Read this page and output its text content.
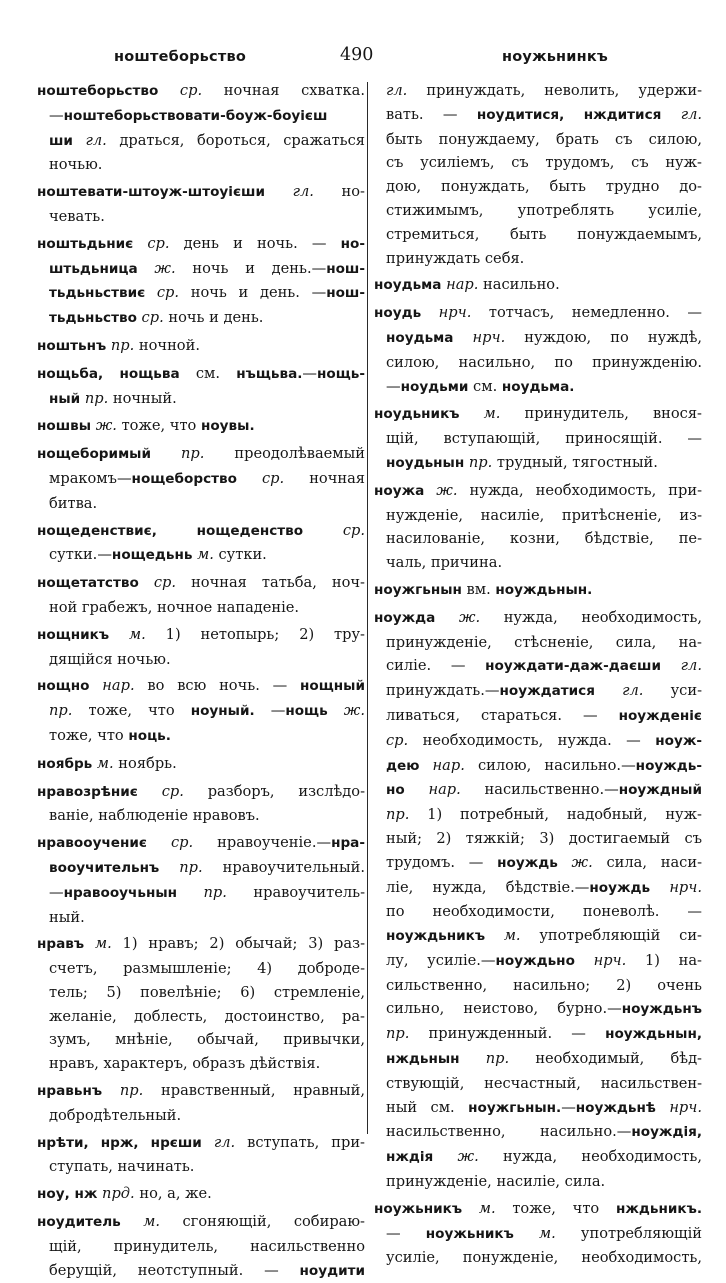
ноштеборьство	490	ноужьнинкъ
ноштеборьство ср. ночная схватка.
—ноштеборьствовати-боуж-боуієш
ши гл. драться, бороться, сражаться
ночью.
ноштевати-штоуж-штоуієши гл. но-
чевать.
ноштьдьниє ср. день и ночь. — но-
штьдьница ж. ночь и день.—нош-
тьдьньствиє ср. ночь и день. —нош-
тьдьньство ср. ночь и день.
ноштьнъ пр. ночной.
нощьба, нощьва см. нъщьва.—нощь-
ный пр. ночный.
ношвы ж. тоже, что ноувы.
нощеборимый пр. преодолѣваемый
мракомъ—нощеборство ср. ночная
битва.
нощеденствиє, нощеденство ср.
сутки.—нощедьнь м. сутки.
нощетатство ср. ночная татьба, ноч-
ной грабежъ, ночное нападеніе.
нощникъ м. 1) нетопырь; 2) тру-
дящійся ночью.
нощно нар. во всю ночь. — нощный
пр. тоже, что ноуный. —нощь ж.
тоже, что ноць.
ноябрь м. ноябрь.
нравозрѣниє ср. разборъ, изслѣдо-
ваніе, наблюденіе нравовъ.
нравооучениє ср. нравоученіе.—нра-
вооучительнъ пр. нравоучительный.
—нравооучьнын пр. нравоучитель-
ный.
нравъ м. 1) нравъ; 2) обычай; 3) раз-
счетъ, размышленіе; 4) доброде-
тель; 5) повелѣніе; 6) стремленіе,
желаніе, доблесть, достоинство, ра-
зумъ, мнѣніе, обычай, привычки,
нравъ, характеръ, образъ дѣйствія.
нравьнъ пр. нравственный, нравный,
добродѣтельный.
нрѣти, нрж, нрєши гл. вступать, при-
ступать, начинать.
ноу, нж прд. но, а, же.
ноудитель м. сгоняющій, собираю-
щій, принудитель, насильственно
берущій, неотступный. — ноудити
гл. принуждать, неволить, удержи-
вать. — ноудитися, нждитися гл.
быть понуждаему, брать съ силою,
съ усиліемъ, съ трудомъ, съ нуж-
дою, понуждать, быть трудно до-
стижимымъ, употреблять усиліе,
стремиться, быть понуждаемымъ,
принуждать себя.
ноудьма нар. насильно.
ноудь нрч. тотчасъ, немедленно. —
ноудьма нрч. нуждою, по нуждѣ,
силою, насильно, по принужденію.
—ноудьми см. ноудьма.
ноудьникъ м. принудитель, внося-
щій, вступающій, приносящій. —
ноудьнын пр. трудный, тягостный.
ноужа ж. нужда, необходимость, при-
нужденіе, насиліе, притѣсненіе, из-
насилованіе, козни, бѣдствіе, пе-
чаль, причина.
ноужгьнын вм. ноуждьнын.
ноужда ж. нужда, необходимость,
принужденіе, стѣсненіе, сила, на-
силіе. — ноуждати-даж-даєши гл.
принуждать.—ноуждатися гл. уси-
ливаться, стараться. — ноужденіє
ср. необходимость, нужда. — ноуж-
дею нар. силою, насильно.—ноуждь-
но нар. насильственно.—ноуждный
пр. 1) потребный, надобный, нуж-
ный; 2) тяжкій; 3) достигаемый съ
трудомъ. — ноуждь ж. сила, наси-
ліе, нужда, бѣдствіе.—ноуждь нрч.
по необходимости, поневолѣ. —
ноуждьникъ м. употребляющій си-
лу, усиліе.—ноуждьно нрч. 1) на-
сильственно, насильно; 2) очень
сильно, неистово, бурно.—ноуждьнъ
пр. принужденный. — ноуждьнын,
нждьнын пр. необходимый, бѣд-
ствующій, несчастный, насильствен-
ный см. ноужгьнын.—ноуждьнѣ нрч.
насильственно, насильно.—ноуждія,
нждія ж. нужда, необходимость,
принужденіе, насиліе, сила.
ноужьникъ м. тоже, что нждьникъ.
— ноужьникъ м. употребляющій
усиліе, понужденіе, необходимость,
